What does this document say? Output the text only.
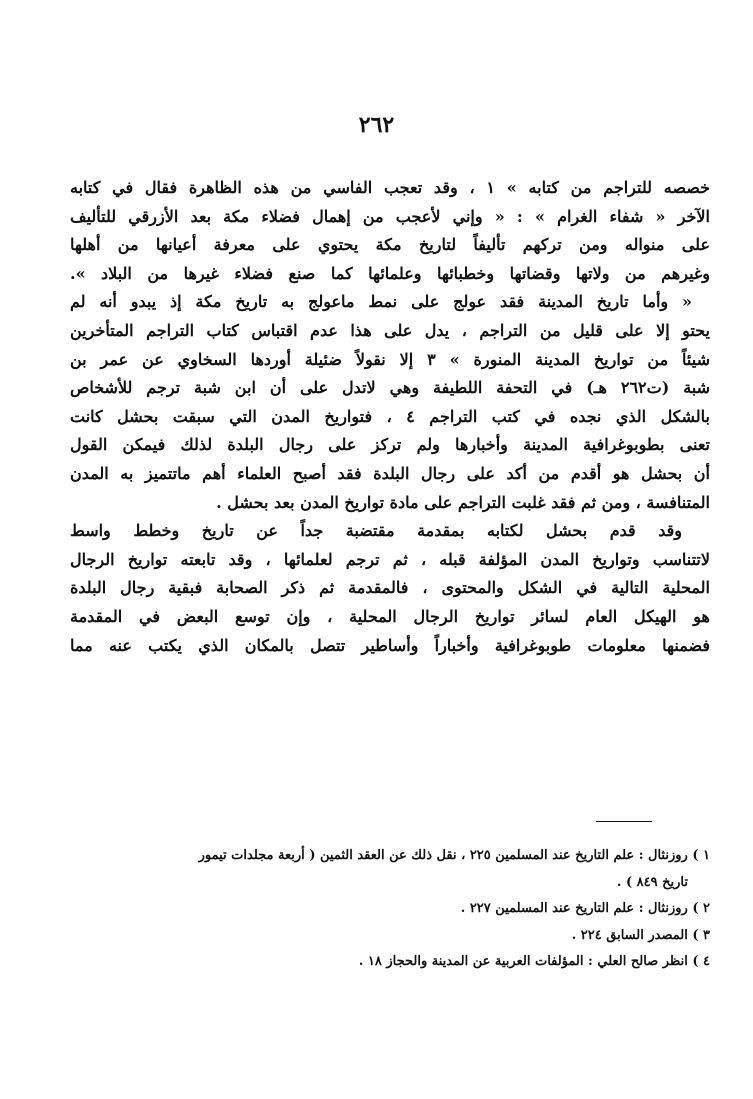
٢٦٢
خصصه للتراجم من كتابه » ١ ، وقد تعجب الفاسي من هذه الظاهرة فقال في كتابه
الآخر « شفاء الغرام » : « وإني لأعجب من إهمال فضلاء مكة بعد الأزرقي للتأليف
على منواله ومن تركهم تأليفاً لتاريخ مكة يحتوي على معرفة أعيانها من أهلها
وغيرهم من ولاتها وقضاتها وخطبائها وعلمائها كما صنع فضلاء غيرها من البلاد ».
« وأما تاريخ المدينة فقد عولج على نمط ماعولج به تاريخ مكة إذ يبدو أنه لم
يحتو إلا على قليل من التراجم ، يدل على هذا عدم اقتباس كتاب التراجم المتأخرين
شيئاً من تواريخ المدينة المنورة » ٣ إلا نقولاً ضئيلة أوردها السخاوي عن عمر بن
شبة (ت٢٦٢ هـ) في التحفة اللطيفة وهي لاتدل على أن ابن شبة ترجم للأشخاص
بالشكل الذي نجده في كتب التراجم ٤ ، فتواريخ المدن التي سبقت بحشل كانت
تعنى بطوبوغرافية المدينة وأخبارها ولم تركز على رجال البلدة لذلك فيمكن القول
أن بحشل هو أقدم من أكد على رجال البلدة فقد أصبح العلماء أهم ماتتميز به المدن
المتنافسة ، ومن ثم فقد غلبت التراجم على مادة تواريخ المدن بعد بحشل .
وقد قدم بحشل لكتابه بمقدمة مقتضبة جداً عن تاريخ وخطط واسط
لاتتناسب وتواريخ المدن المؤلفة قبله ، ثم ترجم لعلمائها ، وقد تابعته تواريخ الرجال
المحلية التالية في الشكل والمحتوى ، فالمقدمة ثم ذكر الصحابة فبقية رجال البلدة
هو الهيكل العام لسائر تواريخ الرجال المحلية ، وإن توسع البعض في المقدمة
فضمنها معلومات طوبوغرافية وأخباراً وأساطير تتصل بالمكان الذي يكتب عنه مما
١ ) روزنثال : علم التاريخ عند المسلمين ٢٢٥ ، نقل ذلك عن العقد الثمين ( أربعة مجلدات تيمور
تاريخ ٨٤٩ ) .
٢ ) روزنثال : علم التاريخ عند المسلمين ٢٢٧ .
٣ ) المصدر السابق ٢٢٤ .
٤ ) انظر صالح العلي : المؤلفات العربية عن المدينة والحجاز ١٨ .
